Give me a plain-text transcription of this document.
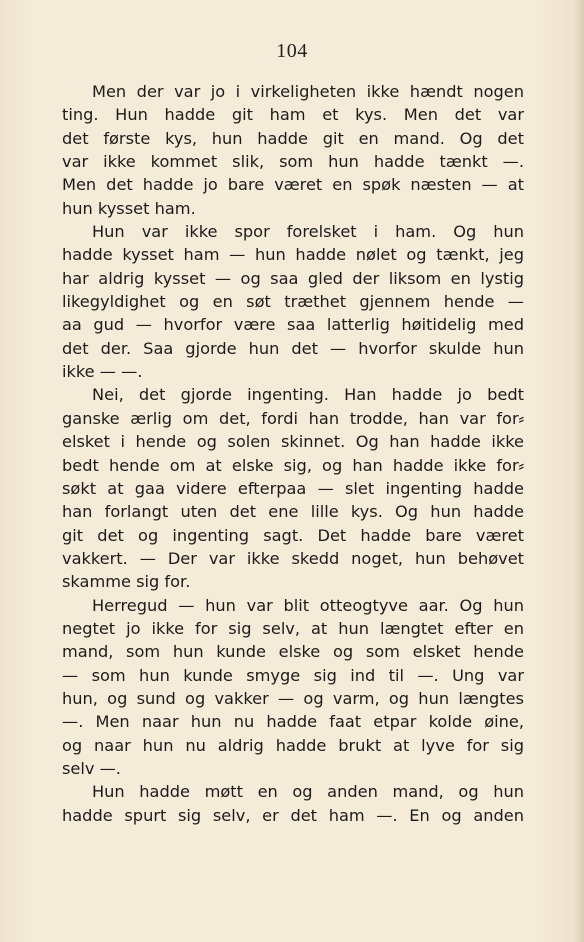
104
Men der var jo i virkeligheten ikke hændt nogen
ting. Hun hadde git ham et kys. Men det var
det første kys, hun hadde git en mand. Og det
var ikke kommet slik, som hun hadde tænkt —.
Men det hadde jo bare været en spøk næsten — at
hun kysset ham.
Hun var ikke spor forelsket i ham. Og hun
hadde kysset ham — hun hadde nølet og tænkt, jeg
har aldrig kysset — og saa gled der liksom en lystig
likegyldighet og en søt træthet gjennem hende —
aa gud — hvorfor være saa latterlig høitidelig med
det der. Saa gjorde hun det — hvorfor skulde hun
ikke — —.
Nei, det gjorde ingenting. Han hadde jo bedt
ganske ærlig om det, fordi han trodde, han var for⸗
elsket i hende og solen skinnet. Og han hadde ikke
bedt hende om at elske sig, og han hadde ikke for⸗
søkt at gaa videre efterpaa — slet ingenting hadde
han forlangt uten det ene lille kys. Og hun hadde
git det og ingenting sagt. Det hadde bare været
vakkert. — Der var ikke skedd noget, hun behøvet
skamme sig for.
Herregud — hun var blit otteogtyve aar. Og hun
negtet jo ikke for sig selv, at hun længtet efter en
mand, som hun kunde elske og som elsket hende
— som hun kunde smyge sig ind til —. Ung var
hun, og sund og vakker — og varm, og hun længtes
—. Men naar hun nu hadde faat etpar kolde øine,
og naar hun nu aldrig hadde brukt at lyve for sig
selv —.
Hun hadde møtt en og anden mand, og hun
hadde spurt sig selv, er det ham —. En og anden
